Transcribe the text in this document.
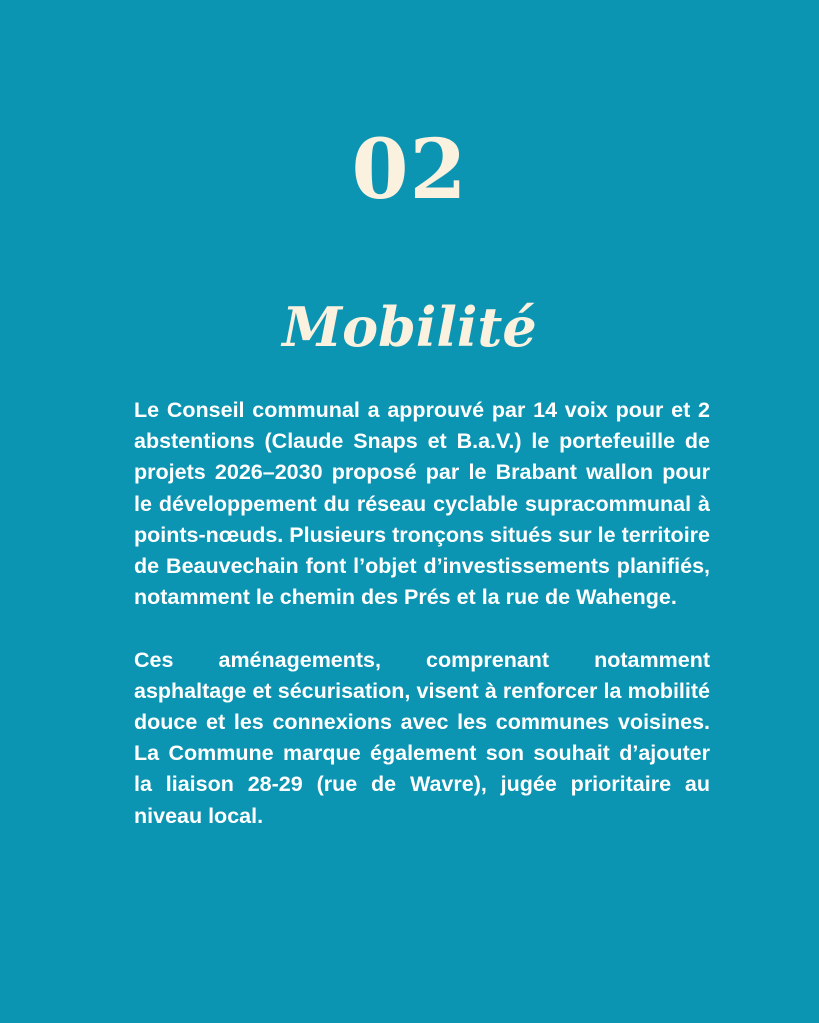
02
Mobilité

Le Conseil communal a approuvé par 14 voix pour et 2 abstentions (Claude Snaps et B.a.V.) le portefeuille de projets 2026–2030 proposé par le Brabant wallon pour le développement du réseau cyclable supracommunal à points-nœuds. Plusieurs tronçons situés sur le territoire de Beauvechain font l’objet d’investissements planifiés, notamment le chemin des Prés et la rue de Wahenge.

Ces aménagements, comprenant notamment asphaltage et sécurisation, visent à renforcer la mobilité douce et les connexions avec les communes voisines. La Commune marque également son souhait d’ajouter la liaison 28-29 (rue de Wavre), jugée prioritaire au niveau local.
